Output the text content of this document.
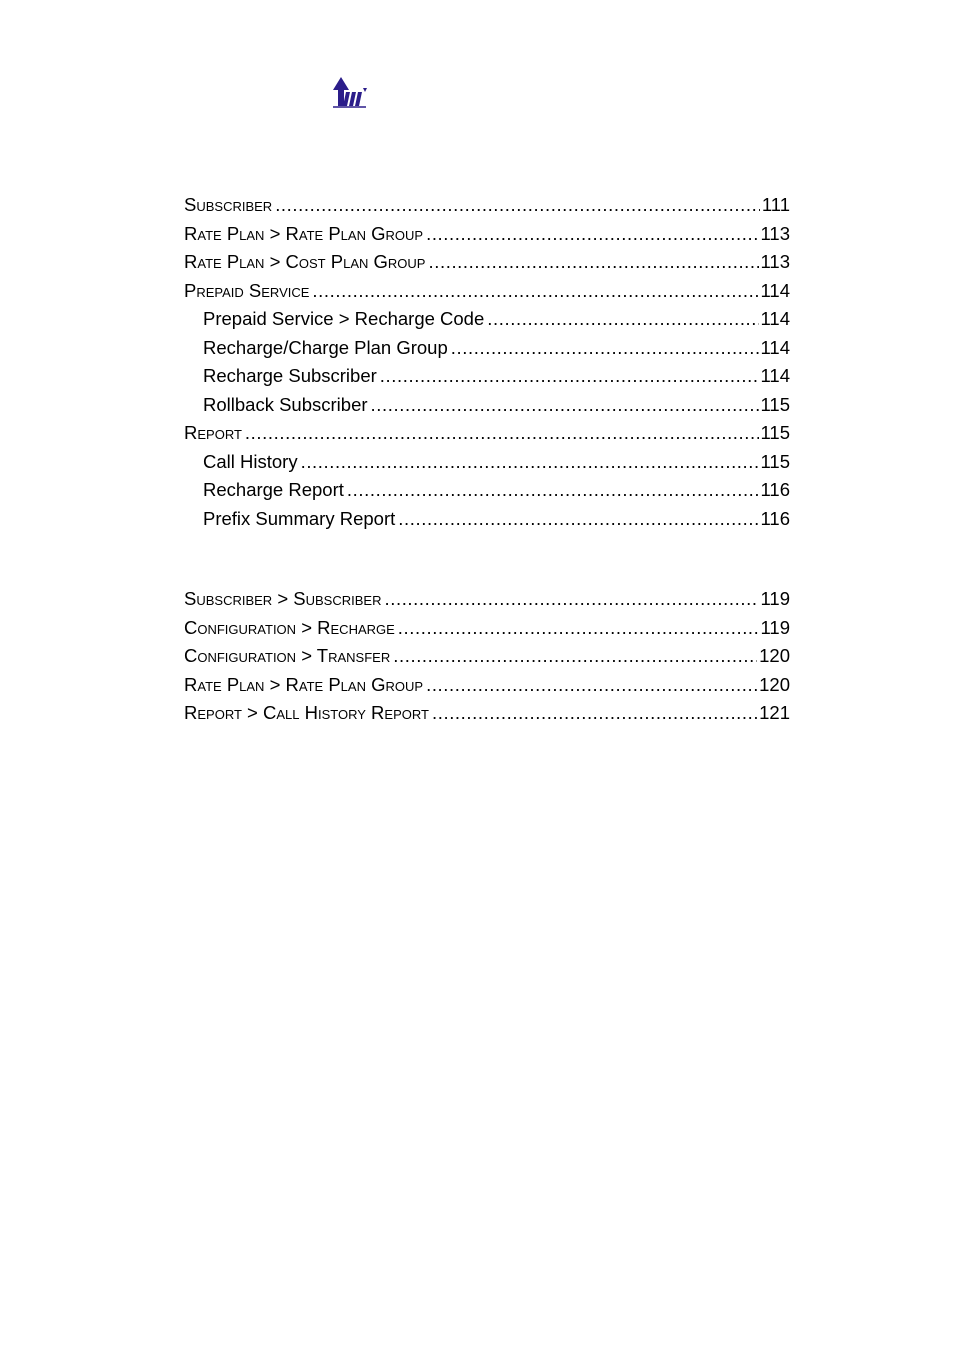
Subscriber .....	111
Rate Plan > Rate Plan Group .....	113
Rate Plan > Cost Plan Group .....	113
Prepaid Service .....	114
Prepaid Service > Recharge Code .....	114
Recharge/Charge Plan Group .....	114
Recharge Subscriber .....	114
Rollback Subscriber .....	115
Report .....	115
Call History .....	115
Recharge Report .....	116
Prefix Summary Report .....	116
Subscriber > Subscriber .....	119
Configuration > Recharge .....	119
Configuration > Transfer .....	120
Rate Plan > Rate Plan Group .....	120
Report > Call History Report .....	121
